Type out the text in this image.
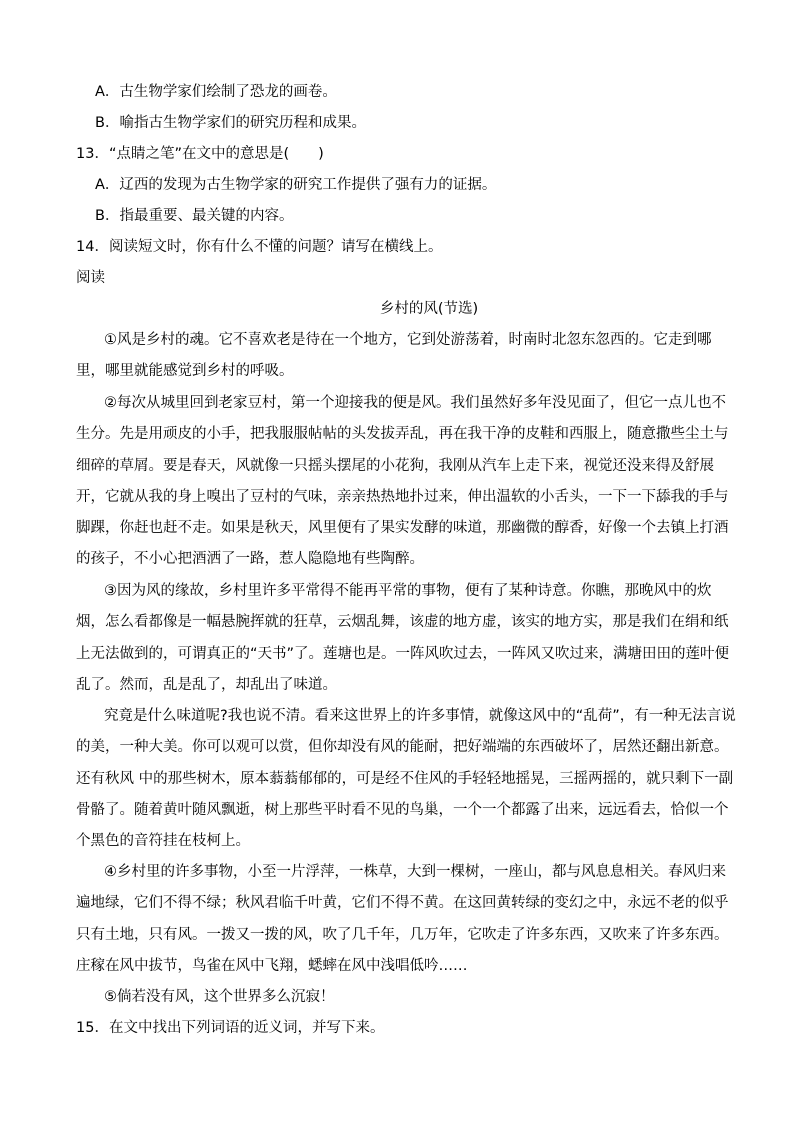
A．古生物学家们绘制了恐龙的画卷。
B．喻指古生物学家们的研究历程和成果。
13．“点睛之笔”在文中的意思是(　　)
A．辽西的发现为古生物学家的研究工作提供了强有力的证据。
B．指最重要、最关键的内容。
14．阅读短文时，你有什么不懂的问题？请写在横线上。
阅读
乡村的风(节选)
①风是乡村的魂。它不喜欢老是待在一个地方，它到处游荡着，时南时北忽东忽西的。它走到哪
里，哪里就能感觉到乡村的呼吸。
②每次从城里回到老家豆村，第一个迎接我的便是风。我们虽然好多年没见面了，但它一点儿也不
生分。先是用顽皮的小手，把我服服帖帖的头发拔弄乱，再在我干净的皮鞋和西服上，随意撒些尘土与
细碎的草屑。要是春天，风就像一只摇头摆尾的小花狗，我刚从汽车上走下来，视觉还没来得及舒展
开，它就从我的身上嗅出了豆村的气味，亲亲热热地扑过来，伸出温软的小舌头，一下一下舔我的手与
脚踝，你赶也赶不走。如果是秋天，风里便有了果实发酵的味道，那幽微的醇香，好像一个去镇上打酒
的孩子，不小心把酒洒了一路，惹人隐隐地有些陶醉。
③因为风的缘故，乡村里许多平常得不能再平常的事物，便有了某种诗意。你瞧，那晚风中的炊
烟，怎么看都像是一幅悬腕挥就的狂草，云烟乱舞，该虚的地方虚，该实的地方实，那是我们在绢和纸
上无法做到的，可谓真正的“天书”了。莲塘也是。一阵风吹过去，一阵风又吹过来，满塘田田的莲叶便
乱了。然而，乱是乱了，却乱出了味道。
究竟是什么味道呢?我也说不清。看来这世界上的许多事情，就像这风中的“乱荷”，有一种无法言说
的美，一种大美。你可以观可以赏，但你却没有风的能耐，把好端端的东西破坏了，居然还翻出新意。
还有秋风 中的那些树木，原本蓊蓊郁郁的，可是经不住风的手轻轻地摇晃，三摇两摇的，就只剩下一副
骨骼了。随着黄叶随风飘逝，树上那些平时看不见的鸟巢，一个一个都露了出来，远远看去，恰似一个
个黑色的音符挂在枝柯上。
④乡村里的许多事物，小至一片浮萍，一株草，大到一棵树，一座山，都与风息息相关。春风归来
遍地绿，它们不得不绿；秋风君临千叶黄，它们不得不黄。在这回黄转绿的变幻之中，永远不老的似乎
只有土地，只有风。一拨又一拨的风，吹了几千年，几万年，它吹走了许多东西，又吹来了许多东西。
庄稼在风中拔节，鸟雀在风中飞翔，蟋蟀在风中浅唱低吟……
⑤倘若没有风，这个世界多么沉寂！
15．在文中找出下列词语的近义词，并写下来。
